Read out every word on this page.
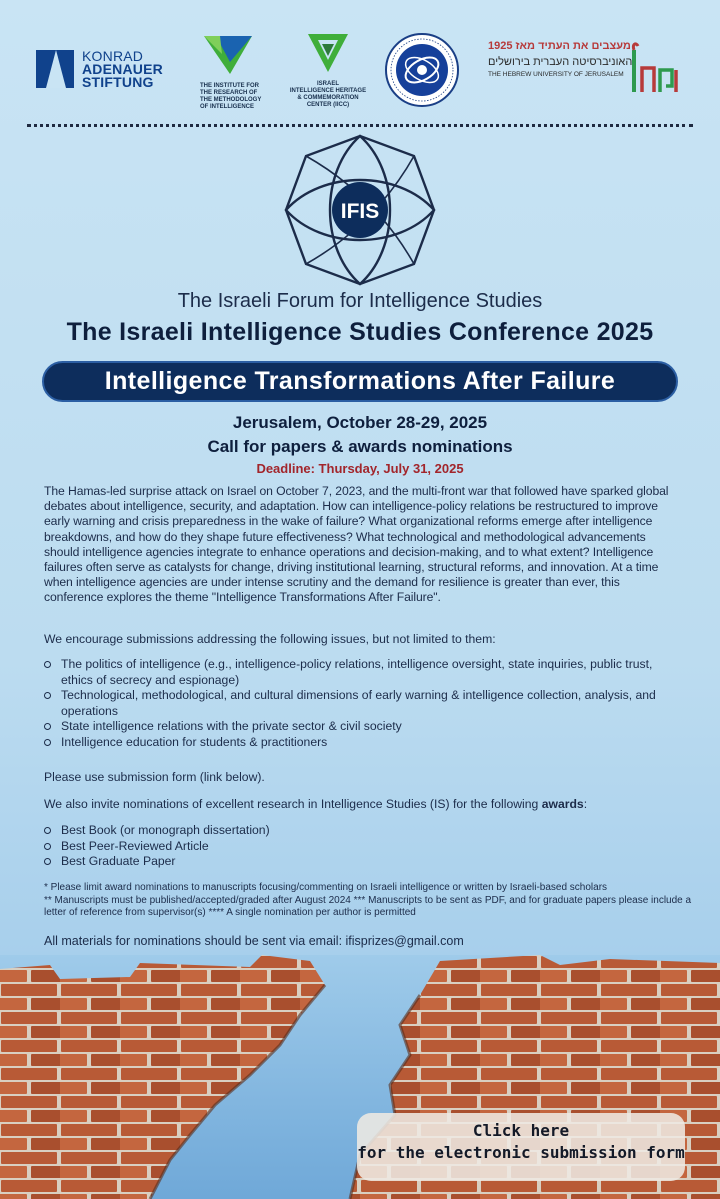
KONRAD
ADENAUER
STIFTUNG	THE INSTITUTE FOR
THE RESEARCH OF
THE METHODOLOGY
OF INTELLIGENCE
ISRAEL
INTELLIGENCE HERITAGE
& COMMEMORATION
CENTER (IICC)
מעצבים את העתיד מאז 1925
האוניברסיטה העברית בירושלים
THE HEBREW UNIVERSITY OF JERUSALEM
IFIS
The Israeli Forum for Intelligence Studies
The Israeli Intelligence Studies Conference 2025
Intelligence Transformations After Failure
Jerusalem, October 28-29, 2025
Call for papers & awards nominations
Deadline: Thursday, July 31, 2025

The Hamas-led surprise attack on Israel on October 7, 2023, and the multi-front war that followed have sparked global debates about intelligence, security, and adaptation. How can intelligence-policy relations be restructured to improve early warning and crisis preparedness in the wake of failure? What organizational reforms emerge after intelligence breakdowns, and how do they shape future effectiveness? What technological and methodological advancements should intelligence agencies integrate to enhance operations and decision-making, and to what extent? Intelligence failures often serve as catalysts for change, driving institutional learning, structural reforms, and innovation. At a time when intelligence agencies are under intense scrutiny and the demand for resilience is greater than ever, this conference explores the theme "Intelligence Transformations After Failure".

We encourage submissions addressing the following issues, but not limited to them:
The politics of intelligence (e.g., intelligence-policy relations, intelligence oversight, state inquiries, public trust, ethics of secrecy and espionage)
Technological, methodological, and cultural dimensions of early warning & intelligence collection, analysis, and operations
State intelligence relations with the private sector & civil society
Intelligence education for students & practitioners
Please use submission form (link below).
We also invite nominations of excellent research in Intelligence Studies (IS) for the following awards:
Best Book (or monograph dissertation)
Best Peer-Reviewed Article
Best Graduate Paper

* Please limit award nominations to manuscripts focusing/commenting on Israeli intelligence or written by Israeli-based scholars

** Manuscripts must be published/accepted/graded after August 2024 *** Manuscripts to be sent as PDF, and for graduate papers please include a letter of reference from supervisor(s) **** A single nomination per author is permitted

All materials for nominations should be sent via email: ifisprizes@gmail.com
Click here
for the electronic submission form
